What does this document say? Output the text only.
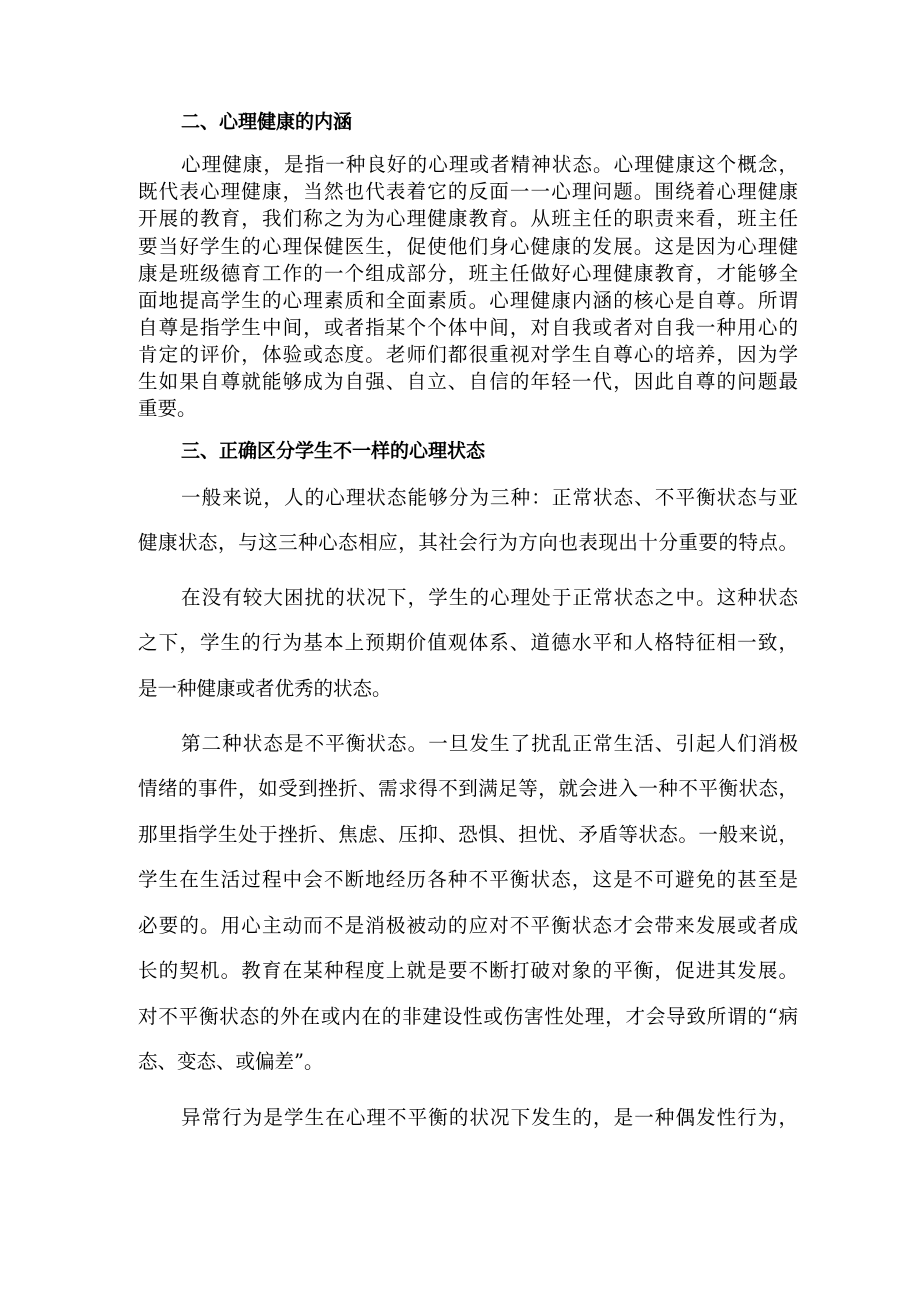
二、心理健康的内涵
心理健康，是指一种良好的心理或者精神状态。心理健康这个概念，
既代表心理健康，当然也代表着它的反面一一心理问题。围绕着心理健康
开展的教育，我们称之为为心理健康教育。从班主任的职责来看，班主任
要当好学生的心理保健医生，促使他们身心健康的发展。这是因为心理健
康是班级德育工作的一个组成部分，班主任做好心理健康教育，才能够全
面地提高学生的心理素质和全面素质。心理健康内涵的核心是自尊。所谓
自尊是指学生中间，或者指某个个体中间，对自我或者对自我一种用心的
肯定的评价，体验或态度。老师们都很重视对学生自尊心的培养，因为学
生如果自尊就能够成为自强、自立、自信的年轻一代，因此自尊的问题最
重要。
三、正确区分学生不一样的心理状态
一般来说，人的心理状态能够分为三种：正常状态、不平衡状态与亚
健康状态，与这三种心态相应，其社会行为方向也表现出十分重要的特点。
在没有较大困扰的状况下，学生的心理处于正常状态之中。这种状态
之下，学生的行为基本上预期价值观体系、道德水平和人格特征相一致，
是一种健康或者优秀的状态。
第二种状态是不平衡状态。一旦发生了扰乱正常生活、引起人们消极
情绪的事件，如受到挫折、需求得不到满足等，就会进入一种不平衡状态，
那里指学生处于挫折、焦虑、压抑、恐惧、担忧、矛盾等状态。一般来说，
学生在生活过程中会不断地经历各种不平衡状态，这是不可避免的甚至是
必要的。用心主动而不是消极被动的应对不平衡状态才会带来发展或者成
长的契机。教育在某种程度上就是要不断打破对象的平衡，促进其发展。
对不平衡状态的外在或内在的非建设性或伤害性处理，才会导致所谓的“病
态、变态、或偏差”。
异常行为是学生在心理不平衡的状况下发生的，是一种偶发性行为，
